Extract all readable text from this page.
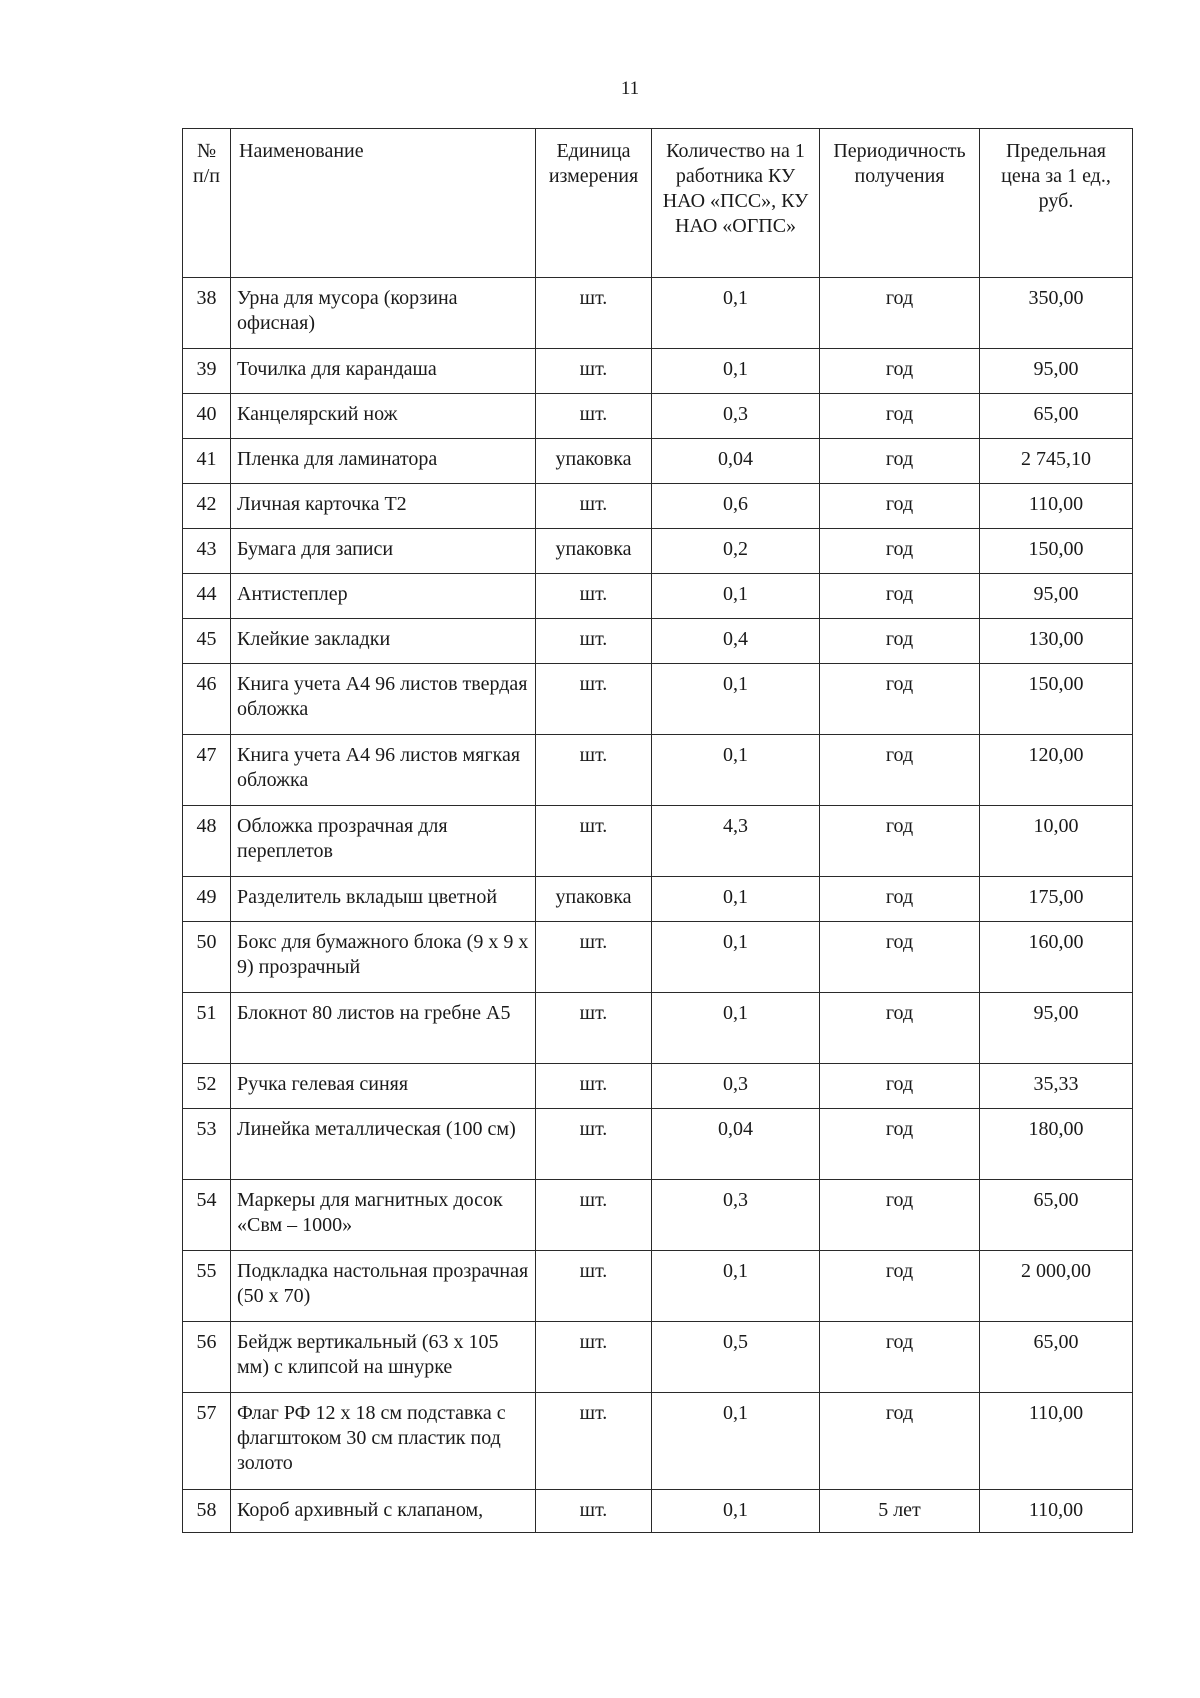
11
№ п/п	Наименование	Единица измерения	Количество на 1 работника КУ НАО «ПСС», КУ НАО «ОГПС»	Периодичность получения	Предельная цена за 1 ед., руб.
38	Урна для мусора (корзина офисная)	шт.	0,1	год	350,00
39	Точилка для карандаша	шт.	0,1	год	95,00
40	Канцелярский нож	шт.	0,3	год	65,00
41	Пленка для ламинатора	упаковка	0,04	год	2 745,10
42	Личная карточка Т2	шт.	0,6	год	110,00
43	Бумага для записи	упаковка	0,2	год	150,00
44	Антистеплер	шт.	0,1	год	95,00
45	Клейкие закладки	шт.	0,4	год	130,00
46	Книга учета А4 96 листов твердая обложка	шт.	0,1	год	150,00
47	Книга учета А4 96 листов мягкая обложка	шт.	0,1	год	120,00
48	Обложка прозрачная для переплетов	шт.	4,3	год	10,00
49	Разделитель вкладыш цветной	упаковка	0,1	год	175,00
50	Бокс для бумажного блока (9 х 9 х 9) прозрачный	шт.	0,1	год	160,00
51	Блокнот 80 листов на гребне А5	шт.	0,1	год	95,00
52	Ручка гелевая синяя	шт.	0,3	год	35,33
53	Линейка металлическая (100 см)	шт.	0,04	год	180,00
54	Маркеры для магнитных досок «Свм – 1000»	шт.	0,3	год	65,00
55	Подкладка настольная прозрачная (50 х 70)	шт.	0,1	год	2 000,00
56	Бейдж вертикальный (63 х 105 мм) с клипсой на шнурке	шт.	0,5	год	65,00
57	Флаг РФ 12 х 18 см подставка с флагштоком 30 см пластик под золото	шт.	0,1	год	110,00
58	Короб архивный с клапаном,	шт.	0,1	5 лет	110,00
